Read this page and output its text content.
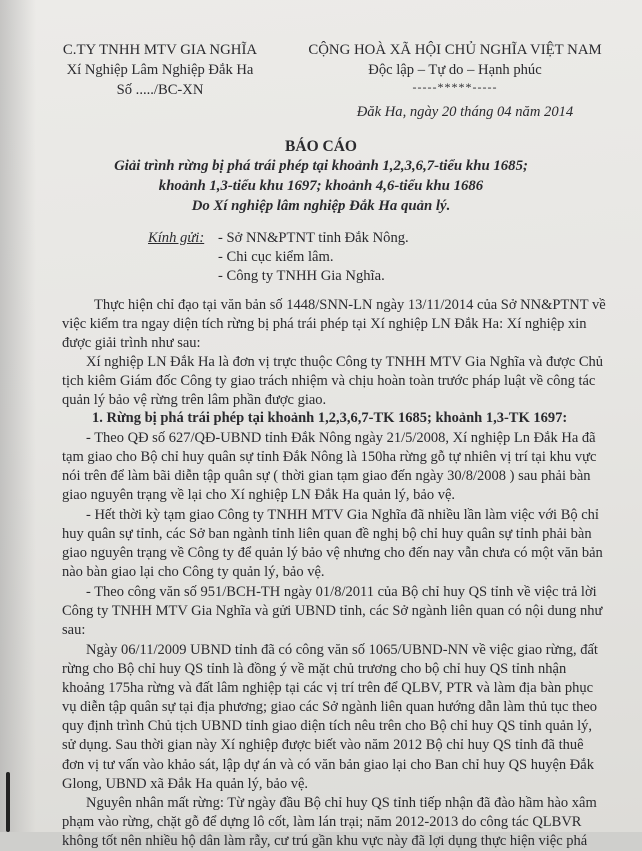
C.TY TNHH MTV GIA NGHĨA
Xí Nghiệp Lâm Nghiệp Đắk Ha
Số ...../BC-XN
CỘNG HOÀ XÃ HỘI CHỦ NGHĨA VIỆT NAM
Độc lập – Tự do – Hạnh phúc
-----*****-----
Đăk Ha, ngày 20 tháng 04 năm 2014
BÁO CÁO
Giải trình rừng bị phá trái phép tại khoảnh 1,2,3,6,7-tiểu khu 1685;
khoảnh 1,3-tiểu khu 1697; khoảnh 4,6-tiểu khu 1686
Do Xí nghiệp lâm nghiệp Đắk Ha quản lý.
Kính gửi: - Sở NN&PTNT tỉnh Đắk Nông.
- Chi cục kiểm lâm.
- Công ty TNHH Gia Nghĩa.
Thực hiện chỉ đạo tại văn bản số 1448/SNN-LN ngày 13/11/2014 của Sở NN&PTNT về
việc kiểm tra ngay diện tích rừng bị phá trái phép tại Xí nghiệp LN Đắk Ha: Xí nghiệp xin
được giải trình như sau:
Xí nghiệp LN Đắk Ha là đơn vị trực thuộc Công ty TNHH MTV Gia Nghĩa và được Chủ
tịch kiêm Giám đốc Công ty giao trách nhiệm và chịu hoàn toàn trước pháp luật về công tác
quản lý bảo vệ rừng trên lâm phần được giao.
1. Rừng bị phá trái phép tại khoảnh 1,2,3,6,7-TK 1685; khoảnh 1,3-TK 1697:
- Theo QĐ số 627/QĐ-UBND tỉnh Đắk Nông ngày 21/5/2008, Xí nghiệp Ln Đắk Ha đã
tạm giao cho Bộ chỉ huy quân sự tỉnh Đắk Nông là 150ha rừng gỗ tự nhiên vị trí tại khu vực
nói trên để làm bãi diễn tập quân sự ( thời gian tạm giao đến ngày 30/8/2008 ) sau phải bàn
giao nguyên trạng về lại cho Xí nghiệp LN Đắk Ha quản lý, bảo vệ.
- Hết thời kỳ tạm giao Công ty TNHH MTV Gia Nghĩa đã nhiều lần làm việc với Bộ chỉ
huy quân sự tỉnh, các Sở ban ngành tỉnh liên quan đề nghị bộ chỉ huy quân sự tỉnh phải bàn
giao nguyên trạng về Công ty để quản lý bảo vệ nhưng cho đến nay vẫn chưa có một văn bản
nào bàn giao lại cho Công ty quản lý, bảo vệ.
- Theo công văn số 951/BCH-TH ngày 01/8/2011 của Bộ chỉ huy QS tỉnh về việc trả lời
Công ty TNHH MTV Gia Nghĩa và gửi UBND tỉnh, các Sở ngành liên quan có nội dung như
sau:
Ngày 06/11/2009 UBND tỉnh đã có công văn số 1065/UBND-NN về việc giao rừng, đất
rừng cho Bộ chỉ huy QS tỉnh là đồng ý về mặt chủ trương cho bộ chỉ huy QS tỉnh nhận
khoảng 175ha rừng và đất lâm nghiệp tại các vị trí trên để QLBV, PTR và làm địa bàn phục
vụ diễn tập quân sự tại địa phương; giao các Sở ngành liên quan hướng dẫn làm thủ tục theo
quy định trình Chủ tịch UBND tỉnh giao diện tích nêu trên cho Bộ chỉ huy QS tỉnh quản lý,
sử dụng. Sau thời gian này Xí nghiệp được biết vào năm 2012 Bộ chỉ huy QS tỉnh đã thuê
đơn vị tư vấn vào khảo sát, lập dự án và có văn bản giao lại cho Ban chỉ huy QS huyện Đắk
Glong, UBND xã Đắk Ha quản lý, bảo vệ.
Nguyên nhân mất rừng: Từ ngày đầu Bộ chỉ huy QS tỉnh tiếp nhận đã đào hầm hào xâm
phạm vào rừng, chặt gỗ để dựng lô cốt, làm lán trại; năm 2012-2013 do công tác QLBVR
không tốt nên nhiều hộ dân làm rẫy, cư trú gần khu vực này đã lợi dụng thực hiện việc phá
